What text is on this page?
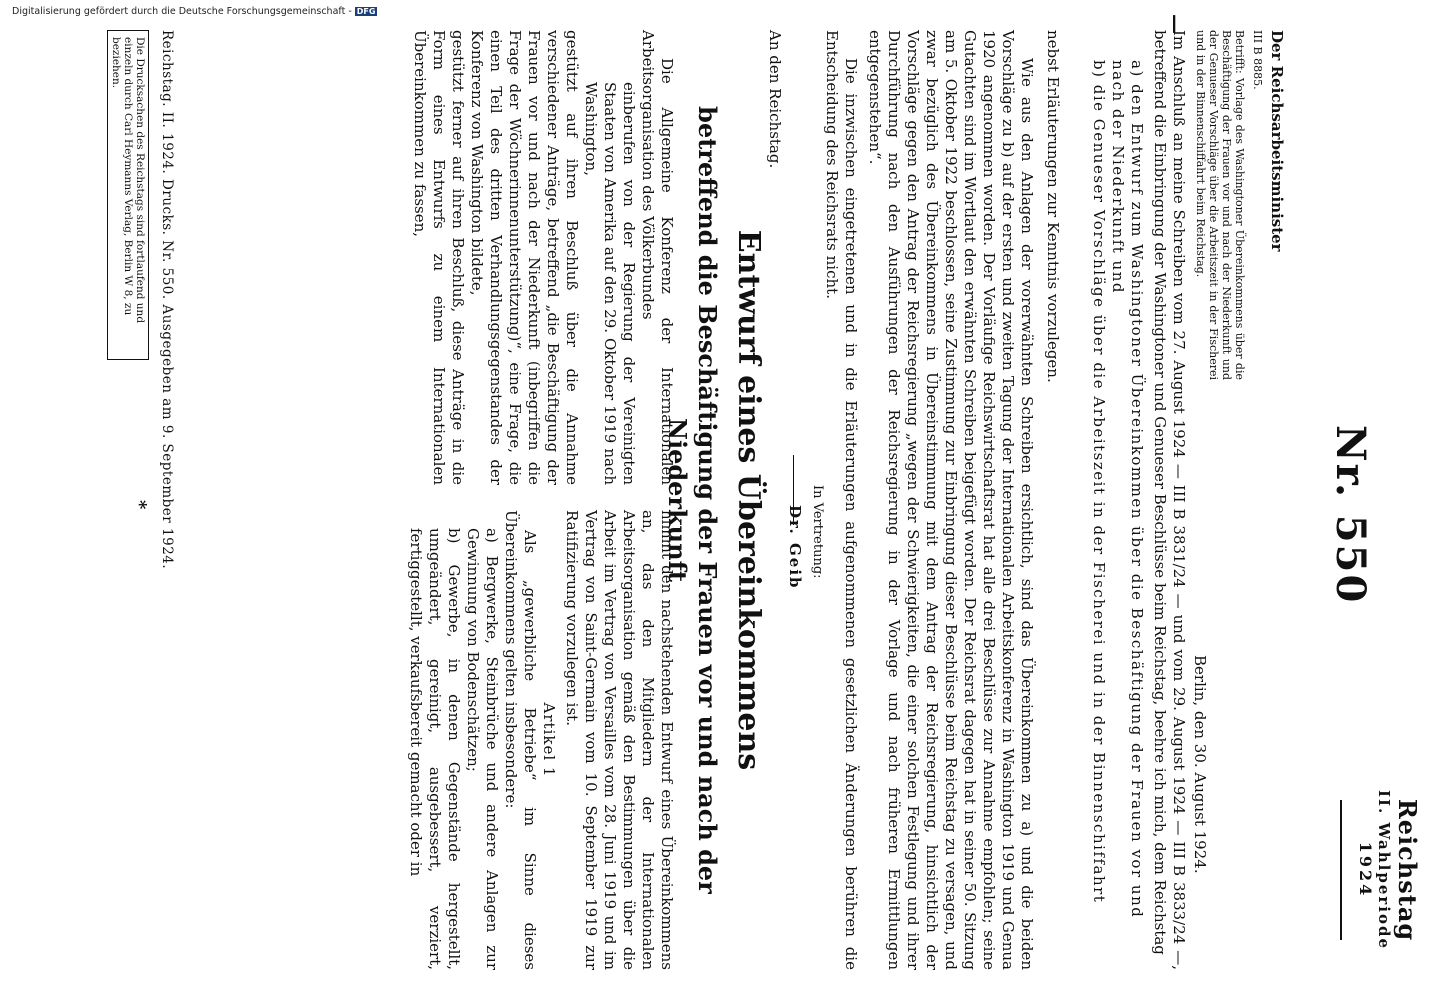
Reichstag
II. Wahlperiode
1924
Nr. 550
Berlin, den 30. August 1924.
Der Reichsarbeitsminister
III B 8885.
Betrifft: Vorlage des Washingtoner Übereinkommens über die Beschäftigung der Frauen vor und nach der Niederkunft und der Genueser Vorschläge über die Arbeitszeit in der Fischerei und in der Binnenschiffahrt beim Reichstag.
—
Im Anschluß an meine Schreiben vom 27. August 1924 — III B 3831/24 — und vom 29. August 1924 — III B 3833/24 —, betreffend die Einbringung der Washingtoner und Genueser Beschlüsse beim Reichstag, beehre ich mich, dem Reichstag
a) den Entwurf zum Washingtoner Übereinkommen über die Beschäftigung der Frauen vor und nach der Niederkunft und
b) die Genueser Vorschläge über die Arbeitszeit in der Fischerei und in der Binnenschiffahrt
nebst Erläuterungen zur Kenntnis vorzulegen.
Wie aus den Anlagen der vorerwähnten Schreiben ersichtlich, sind das Übereinkommen zu a) und die beiden Vorschläge zu b) auf der ersten und zweiten Tagung der Internationalen Arbeitskonferenz in Washington 1919 und Genua 1920 angenommen worden. Der Vorläufige Reichswirtschaftsrat hat alle drei Beschlüsse zur Annahme empfohlen; seine Gutachten sind im Wortlaut den erwähnten Schreiben beigefügt worden. Der Reichsrat dagegen hat in seiner 50. Sitzung am 5. Oktober 1922 beschlossen, seine Zustimmung zur Einbringung dieser Beschlüsse beim Reichstag zu versagen, und zwar bezüglich des Übereinkommens in Übereinstimmung mit dem Antrag der Reichsregierung, hinsichtlich der Vorschläge gegen den Antrag der Reichsregierung „wegen der Schwierigkeiten, die einer solchen Festlegung und ihrer Durchführung nach den Ausführungen der Reichsregierung in der Vorlage und nach früheren Ermittlungen entgegenstehen“.
Die inzwischen eingetretenen und in die Erläuterungen aufgenommenen gesetzlichen Änderungen berühren die Entscheidung des Reichsrats nicht.
In Vertretung:
Dr. Geib
An den Reichstag.
Entwurf eines Übereinkommens
betreffend die Beschäftigung der Frauen vor und nach der Niederkunft
Die Allgemeine Konferenz der Internationalen Arbeitsorganisation des Völkerbundes
einberufen von der Regierung der Vereinigten Staaten von Amerika auf den 29. Oktober 1919 nach Washington,
gestützt auf ihren Beschluß über die Annahme verschiedener Anträge, betreffend „die Beschäftigung der Frauen vor und nach der Niederkunft (inbegriffen die Frage der Wöchnerinnenunterstützung)“, eine Frage, die einen Teil des dritten Verhandlungsgegenstandes der Konferenz von Washington bildete,
gestützt ferner auf ihren Beschluß, diese Anträge in die Form eines Entwurfs zu einem Internationalen Übereinkommen zu fassen,
nimmt den nachstehenden Entwurf eines Übereinkommens an, das den Mitgliedern der Internationalen Arbeitsorganisation gemäß den Bestimmungen über die Arbeit im Vertrag von Versailles vom 28. Juni 1919 und im Vertrag von Saint-Germain vom 10. September 1919 zur Ratifizierung vorzulegen ist.
Artikel 1
Als „gewerbliche Betriebe“ im Sinne dieses Übereinkommens gelten insbesondere:
a) Bergwerke, Steinbrüche und andere Anlagen zur Gewinnung von Bodenschätzen;
b) Gewerbe, in denen Gegenstände hergestellt, umgeändert, gereinigt, ausgebessert, verziert, fertiggestellt, verkaufsbereit gemacht oder in
Reichstag. II. 1924. Drucks. Nr. 550. Ausgegeben am 9. September 1924.
Die Drucksachen des Reichstags sind fortlaufend und einzeln durch Carl Heymanns Verlag, Berlin W 8, zu beziehen.
*
Digitalisierung gefördert durch die Deutsche Forschungsgemeinschaft - DFG
